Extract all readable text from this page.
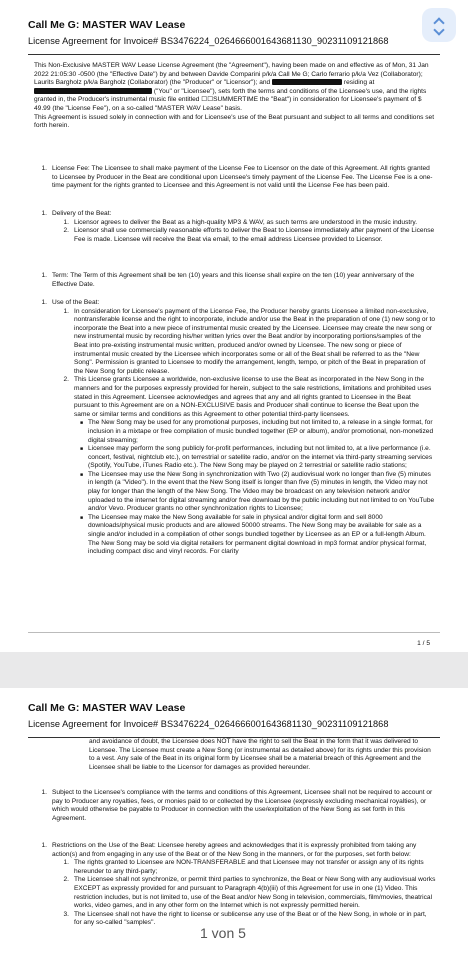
Call Me G: MASTER WAV Lease
License Agreement for Invoice# BS3476224_0264666001643681130_90231109121868

This Non-Exclusive MASTER WAV Lease License Agreement (the "Agreement"), having been made on and effective as of Mon, 31 Jan 2022 21:05:30 -0500 (the "Effective Date") by and between Davide Comparini p/k/a Call Me G; Carlo ferrario p/k/a Vez (Collaborator); Laurits Bargholz p/k/a Bargholz (Collaborator) (the "Producer" or "Licensor"); and	residing at  ("You" or "Licensee"), sets forth the terms and conditions of the Licensee's use, and the rights granted in, the Producer's instrumental music file entitled ☐☐SUMMERTIME the "Beat") in consideration for Licensee's payment of $ 49.99 (the "License Fee"), on a so-called "MASTER WAV Lease" basis.

This Agreement is issued solely in connection with and for Licensee's use of the Beat pursuant and subject to all terms and conditions set forth herein.

1. License Fee: The Licensee to shall make payment of the License Fee to Licensor on the date of this Agreement. All rights granted to Licensee by Producer in the Beat are conditional upon Licensee's timely payment of the License Fee. The License Fee is a one-time payment for the rights granted to Licensee and this Agreement is not valid until the License Fee has been paid.
1. Delivery of the Beat:
1. Licensor agrees to deliver the Beat as a high-quality MP3 & WAV, as such terms are understood in the music industry.
2. Licensor shall use commercially reasonable efforts to deliver the Beat to Licensee immediately after payment of the License Fee is made. Licensee will receive the Beat via email, to the email address Licensee provided to Licensor.
1. Term: The Term of this Agreement shall be ten (10) years and this license shall expire on the ten (10) year anniversary of the Effective Date.
1. Use of the Beat:
1. In consideration for Licensee's payment of the License Fee, the Producer hereby grants Licensee a limited non-exclusive, nontransferable license and the right to incorporate, include and/or use the Beat in the preparation of one (1) new song or to incorporate the Beat into a new piece of instrumental music created by the Licensee. Licensee may create the new song or new instrumental music by recording his/her written lyrics over the Beat and/or by incorporating portions/samples of the Beat into pre-existing instrumental music written, produced and/or owned by Licensee. The new song or piece of instrumental music created by the Licensee which incorporates some or all of the Beat shall be referred to as the "New Song". Permission is granted to Licensee to modify the arrangement, length, tempo, or pitch of the Beat in preparation of the New Song for public release.
2. This License grants Licensee a worldwide, non-exclusive license to use the Beat as incorporated in the New Song in the manners and for the purposes expressly provided for herein, subject to the sale restrictions, limitations and prohibited uses stated in this Agreement. Licensee acknowledges and agrees that any and all rights granted to Licensee in the Beat pursuant to this Agreement are on a NON-EXCLUSIVE basis and Producer shall continue to license the Beat upon the same or similar terms and conditions as this Agreement to other potential third-party licensees.
■ The New Song may be used for any promotional purposes, including but not limited to, a release in a single format, for inclusion in a mixtape or free compilation of music bundled together (EP or album), and/or promotional, non-monetized digital streaming;
■ Licensee may perform the song publicly for-profit performances, including but not limited to, at a live performance (i.e. concert, festival, nightclub etc.), on terrestrial or satellite radio, and/or on the internet via third-party streaming services (Spotify, YouTube, iTunes Radio etc.). The New Song may be played on 2 terrestrial or satellite radio stations;
■ The Licensee may use the New Song in synchronization with Two (2) audiovisual work no longer than five (5) minutes in length (a "Video"). In the event that the New Song itself is longer than five (5) minutes in length, the Video may not play for longer than the length of the New Song. The Video may be broadcast on any television network and/or uploaded to the internet for digital streaming and/or free download by the public including but not limited to on YouTube and/or Vevo. Producer grants no other synchronization rights to Licensee;
■ The Licensee may make the New Song available for sale in physical and/or digital form and sell 8000 downloads/physical music products and are allowed 50000 streams. The New Song may be available for sale as a single and/or included in a compilation of other songs bundled together by Licensee as an EP or a full-length Album. The New Song may be sold via digital retailers for permanent digital download in mp3 format and/or physical format, including compact disc and vinyl records. For clarity
1 / 5
Call Me G: MASTER WAV Lease
License Agreement for Invoice# BS3476224_0264666001643681130_90231109121868
and avoidance of doubt, the Licensee does NOT have the right to sell the Beat in the form that it was delivered to Licensee. The Licensee must create a New Song (or instrumental as detailed above) for its rights under this provision to a vest. Any sale of the Beat in its original form by Licensee shall be a material breach of this Agreement and the Licensee shall be liable to the Licensor for damages as provided hereunder.
1. Subject to the Licensee's compliance with the terms and conditions of this Agreement, Licensee shall not be required to account or pay to Producer any royalties, fees, or monies paid to or collected by the Licensee (expressly excluding mechanical royalties), or which would otherwise be payable to Producer in connection with the use/exploitation of the New Song as set forth in this Agreement.
1. Restrictions on the Use of the Beat: Licensee hereby agrees and acknowledges that it is expressly prohibited from taking any action(s) and from engaging in any use of the Beat or of the New Song in the manners, or for the purposes, set forth below:
1. The rights granted to Licensee are NON-TRANSFERABLE and that Licensee may not transfer or assign any of its rights hereunder to any third-party;
2. The Licensee shall not synchronize, or permit third parties to synchronize, the Beat or New Song with any audiovisual works EXCEPT as expressly provided for and pursuant to Paragraph 4(b)(iii) of this Agreement for use in one (1) Video. This restriction includes, but is not limited to, use of the Beat and/or New Song in television, commercials, film/movies, theatrical works, video games, and in any other form on the Internet which is not expressly permitted herein.
3. The Licensee shall not have the right to license or sublicense any use of the Beat or of the New Song, in whole or in part, for any so-called "samples".
1 von 5
